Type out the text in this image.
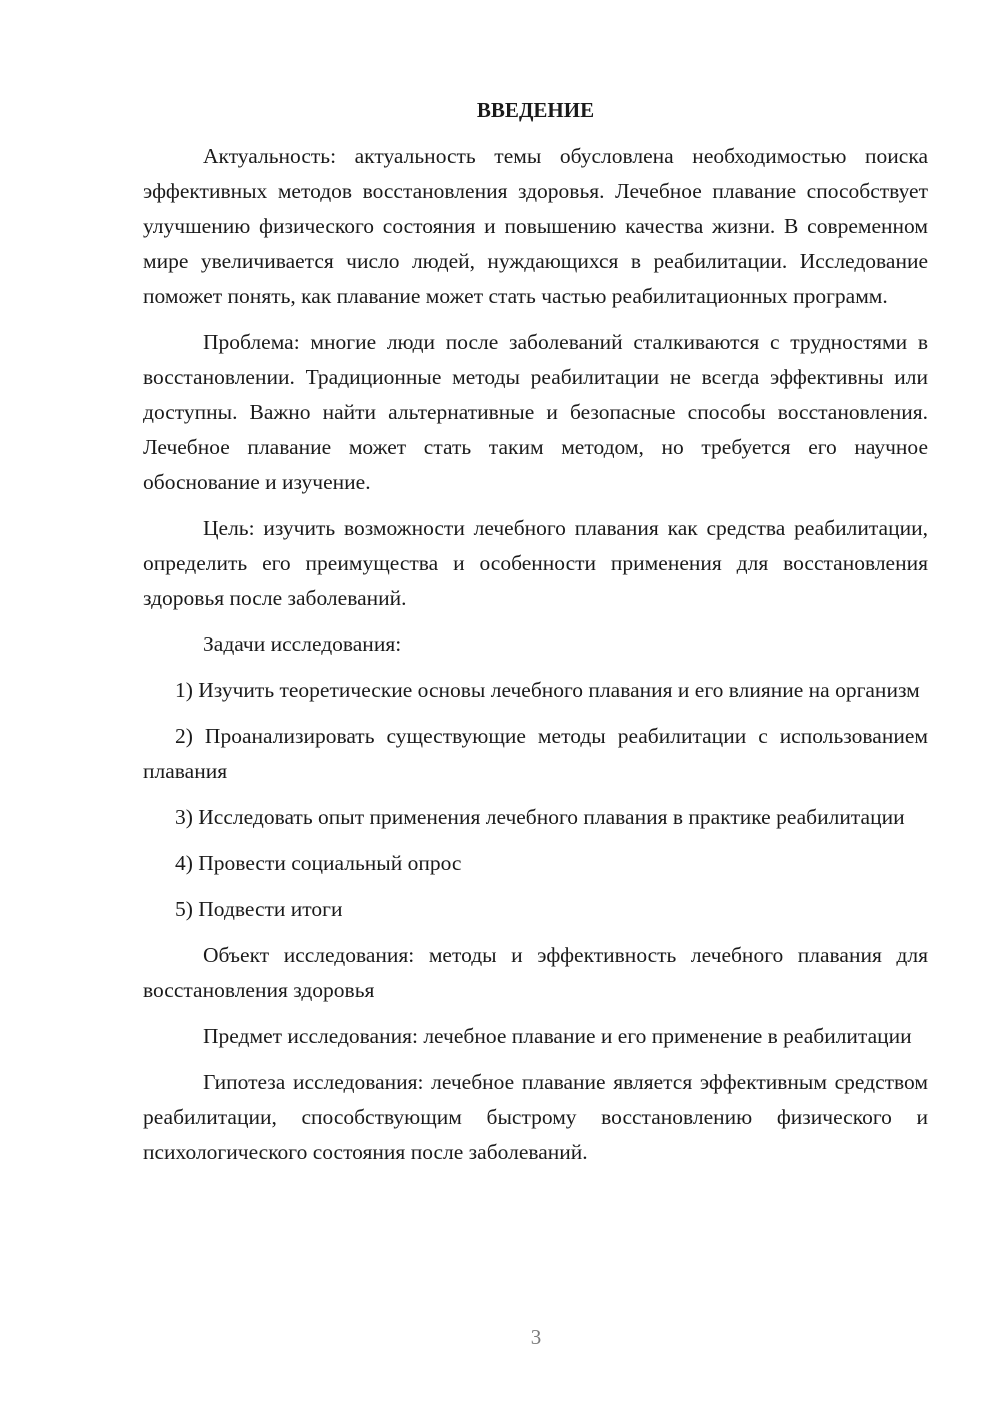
ВВЕДЕНИЕ

Актуальность: актуальность темы обусловлена необходимостью поиска эффективных методов восстановления здоровья. Лечебное плавание способствует улучшению физического состояния и повышению качества жизни. В современном мире увеличивается число людей, нуждающихся в реабилитации. Исследование поможет понять, как плавание может стать частью реабилитационных программ.

Проблема: многие люди после заболеваний сталкиваются с трудностями в восстановлении. Традиционные методы реабилитации не всегда эффективны или доступны. Важно найти альтернативные и безопасные способы восстановления. Лечебное плавание может стать таким методом, но требуется его научное обоснование и изучение.

Цель: изучить возможности лечебного плавания как средства реабилитации, определить его преимущества и особенности применения для восстановления здоровья после заболеваний.

Задачи исследования:

1) Изучить теоретические основы лечебного плавания и его влияние на организм

2) Проанализировать существующие методы реабилитации с использованием плавания

3) Исследовать опыт применения лечебного плавания в практике реабилитации

4) Провести социальный опрос

5) Подвести итоги

Объект исследования: методы и эффективность лечебного плавания для восстановления здоровья

Предмет исследования: лечебное плавание и его применение в реабилитации

Гипотеза исследования: лечебное плавание является эффективным средством реабилитации, способствующим быстрому восстановлению физического и психологического состояния после заболеваний.

3
